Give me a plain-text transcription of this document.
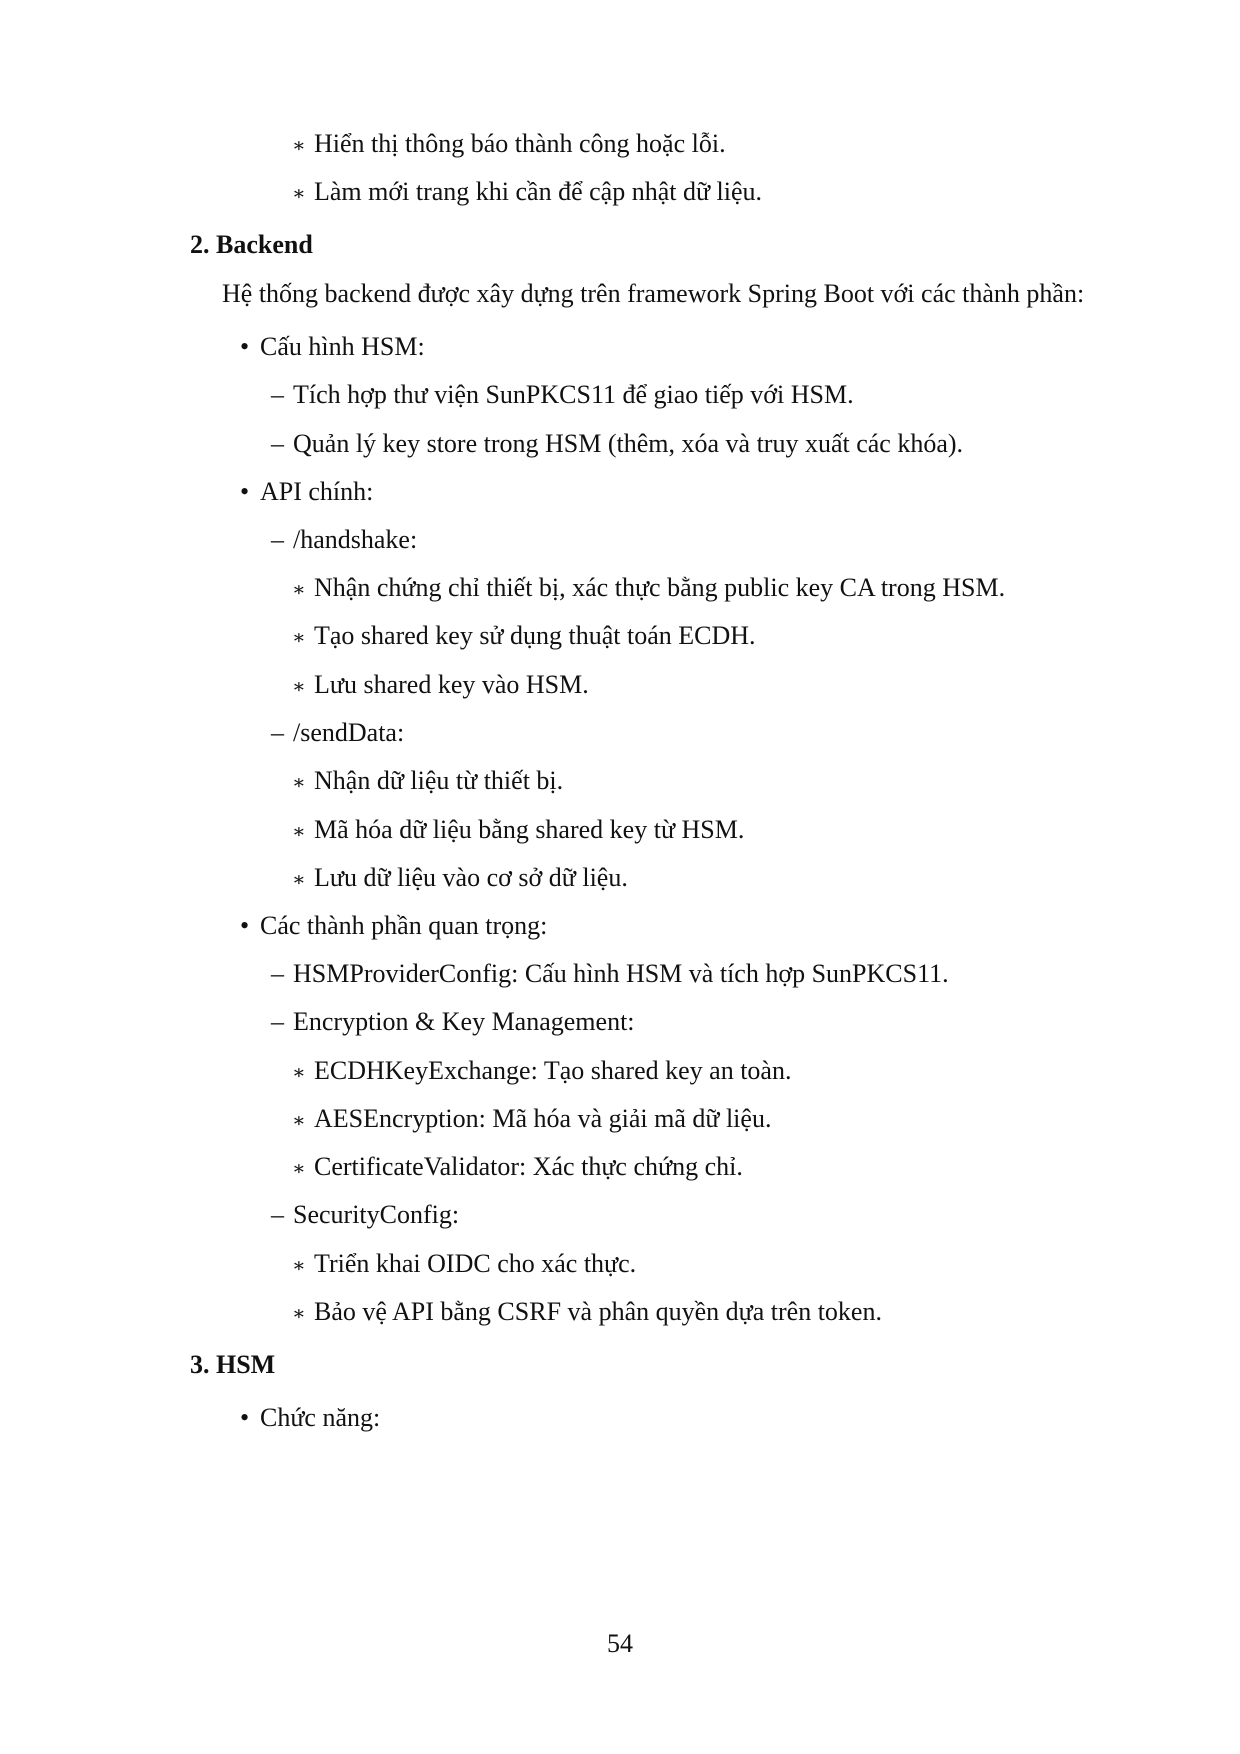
∗ Hiển thị thông báo thành công hoặc lỗi.
∗ Làm mới trang khi cần để cập nhật dữ liệu.
2. Backend
Hệ thống backend được xây dựng trên framework Spring Boot với các thành phần:
• Cấu hình HSM:
– Tích hợp thư viện SunPKCS11 để giao tiếp với HSM.
– Quản lý key store trong HSM (thêm, xóa và truy xuất các khóa).
• API chính:
– /handshake:
∗ Nhận chứng chỉ thiết bị, xác thực bằng public key CA trong HSM.
∗ Tạo shared key sử dụng thuật toán ECDH.
∗ Lưu shared key vào HSM.
– /sendData:
∗ Nhận dữ liệu từ thiết bị.
∗ Mã hóa dữ liệu bằng shared key từ HSM.
∗ Lưu dữ liệu vào cơ sở dữ liệu.
• Các thành phần quan trọng:
– HSMProviderConfig: Cấu hình HSM và tích hợp SunPKCS11.
– Encryption & Key Management:
∗ ECDHKeyExchange: Tạo shared key an toàn.
∗ AESEncryption: Mã hóa và giải mã dữ liệu.
∗ CertificateValidator: Xác thực chứng chỉ.
– SecurityConfig:
∗ Triển khai OIDC cho xác thực.
∗ Bảo vệ API bằng CSRF và phân quyền dựa trên token.
3. HSM
• Chức năng:
54
